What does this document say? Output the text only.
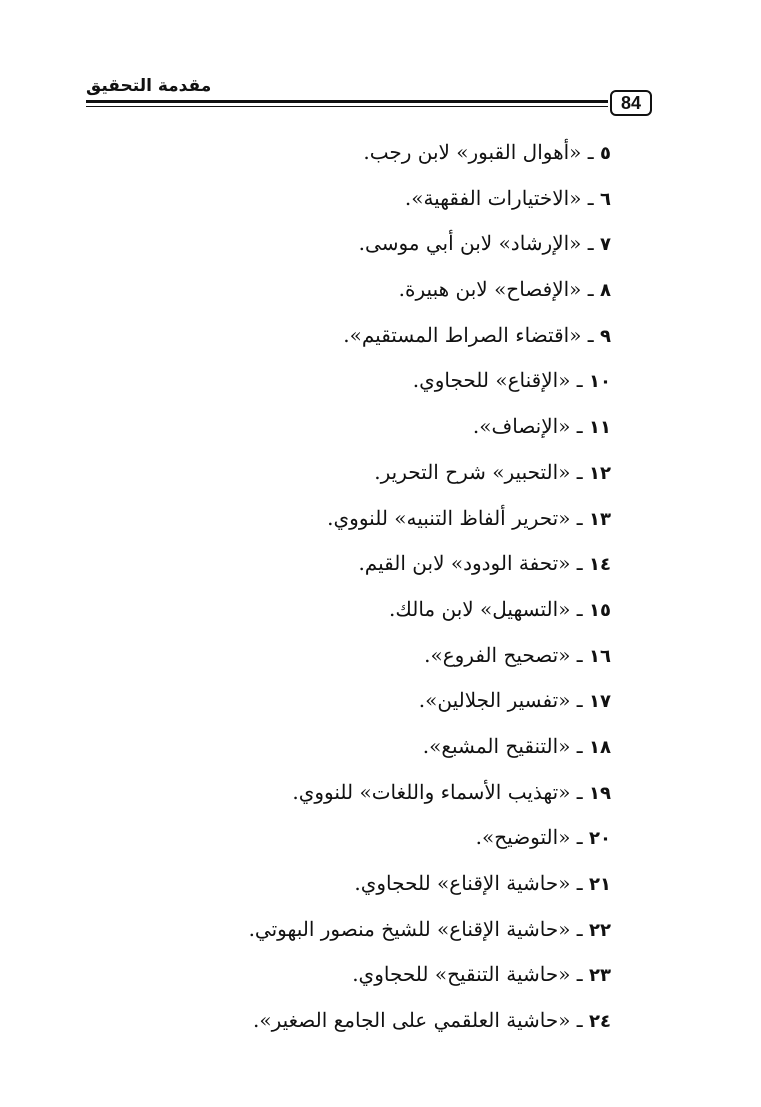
مقدمة التحقيق
84
٥ ـ «أهوال القبور» لابن رجب.
٦ ـ «الاختيارات الفقهية».
٧ ـ «الإرشاد» لابن أبي موسى.
٨ ـ «الإفصاح» لابن هبيرة.
٩ ـ «اقتضاء الصراط المستقيم».
١٠ ـ «الإقناع» للحجاوي.
١١ ـ «الإنصاف».
١٢ ـ «التحبير» شرح التحرير.
١٣ ـ «تحرير ألفاظ التنبيه» للنووي.
١٤ ـ «تحفة الودود» لابن القيم.
١٥ ـ «التسهيل» لابن مالك.
١٦ ـ «تصحيح الفروع».
١٧ ـ «تفسير الجلالين».
١٨ ـ «التنقيح المشبع».
١٩ ـ «تهذيب الأسماء واللغات» للنووي.
٢٠ ـ «التوضيح».
٢١ ـ «حاشية الإقناع» للحجاوي.
٢٢ ـ «حاشية الإقناع» للشيخ منصور البهوتي.
٢٣ ـ «حاشية التنقيح» للحجاوي.
٢٤ ـ «حاشية العلقمي على الجامع الصغير».
